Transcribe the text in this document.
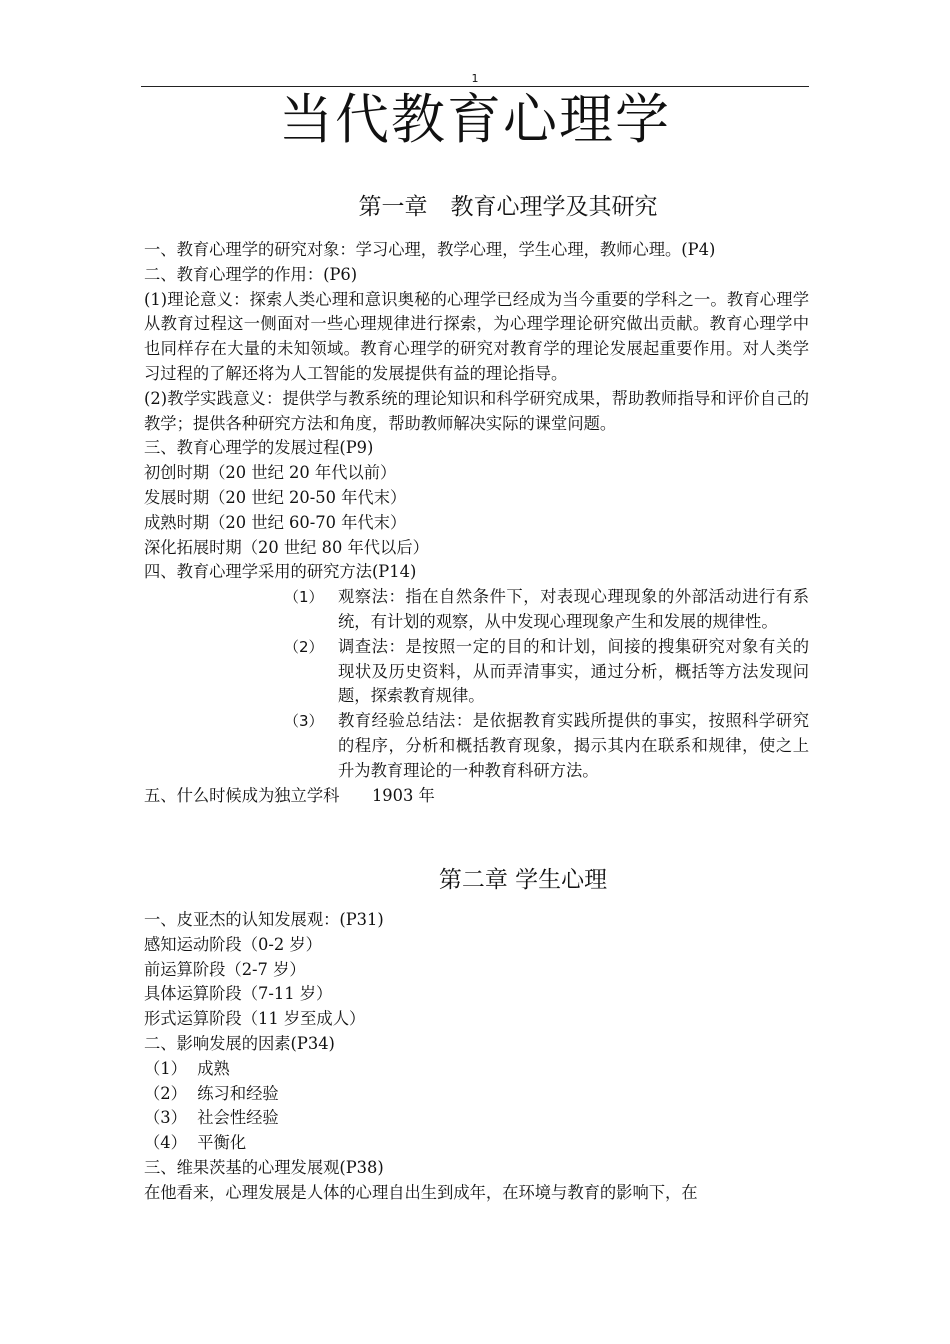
1
当代教育心理学
第一章　教育心理学及其研究
一、教育心理学的研究对象：学习心理，教学心理，学生心理，教师心理。(P4)
二、教育心理学的作用：(P6)
(1)理论意义：探索人类心理和意识奥秘的心理学已经成为当今重要的学科之一。教育心理学从教育过程这一侧面对一些心理规律进行探索，为心理学理论研究做出贡献。教育心理学中也同样存在大量的未知领域。教育心理学的研究对教育学的理论发展起重要作用。对人类学习过程的了解还将为人工智能的发展提供有益的理论指导。
(2)教学实践意义：提供学与教系统的理论知识和科学研究成果，帮助教师指导和评价自己的教学；提供各种研究方法和角度，帮助教师解决实际的课堂问题。
三、教育心理学的发展过程(P9)
初创时期（20 世纪 20 年代以前）
发展时期（20 世纪 20-50 年代末）
成熟时期（20 世纪 60-70 年代末）
深化拓展时期（20 世纪 80 年代以后）
四、教育心理学采用的研究方法(P14)
（1） 观察法：指在自然条件下，对表现心理现象的外部活动进行有系统，有计划的观察，从中发现心理现象产生和发展的规律性。
（2） 调查法：是按照一定的目的和计划，间接的搜集研究对象有关的现状及历史资料，从而弄清事实，通过分析，概括等方法发现问题，探索教育规律。
（3） 教育经验总结法：是依据教育实践所提供的事实，按照科学研究的程序，分析和概括教育现象，揭示其内在联系和规律，使之上升为教育理论的一种教育科研方法。
五、什么时候成为独立学科　　1903 年
第二章 学生心理
一、皮亚杰的认知发展观：(P31)
感知运动阶段（0-2 岁）
前运算阶段（2-7 岁）
具体运算阶段（7-11 岁）
形式运算阶段（11 岁至成人）
二、影响发展的因素(P34)
（1）  成熟
（2）  练习和经验
（3）  社会性经验
（4）  平衡化
三、维果茨基的心理发展观(P38)
在他看来，心理发展是人体的心理自出生到成年，在环境与教育的影响下，在
